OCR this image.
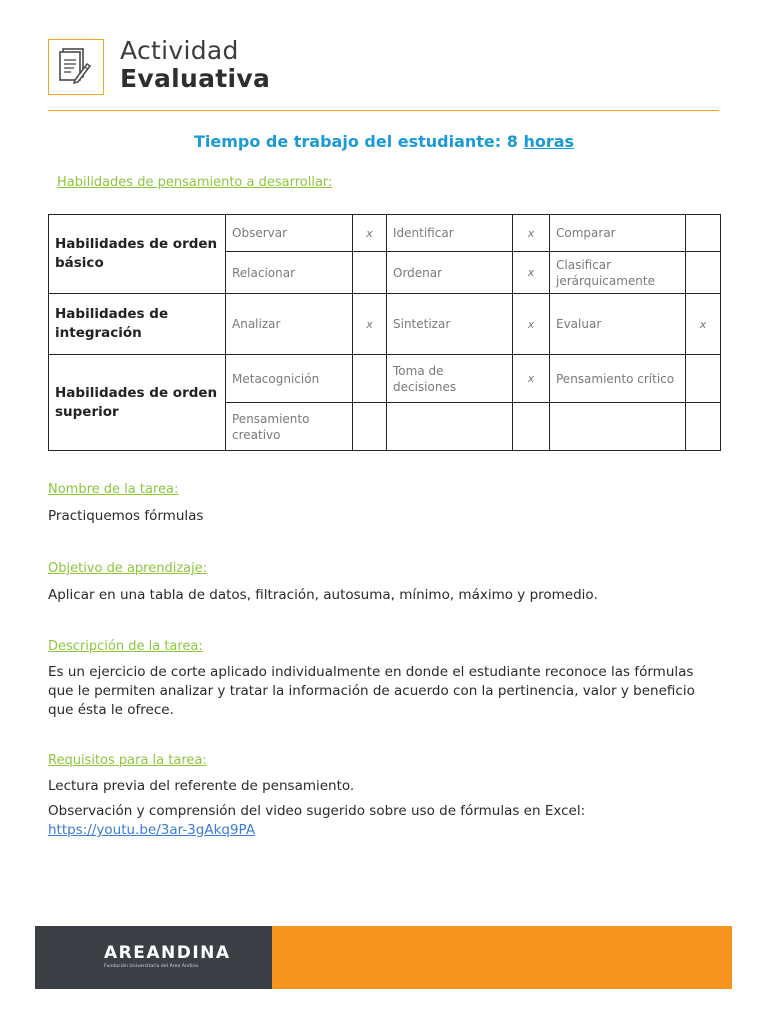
Actividad
Evaluativa
Tiempo de trabajo del estudiante: 8 horas
Habilidades de pensamiento a desarrollar:
Habilidades de orden básico	Observar	x	Identificar	x	Comparar	
	Relacionar		Ordenar	x	Clasificar jerárquicamente	
Habilidades de integración	Analizar	x	Sintetizar	x	Evaluar	x
Habilidades de orden superior	Metacognición		Toma de decisiones	x	Pensamiento crítico	
	Pensamiento creativo					
Nombre de la tarea:
Practiquemos fórmulas
Objetivo de aprendizaje:
Aplicar en una tabla de datos, filtración, autosuma, mínimo, máximo y promedio.
Descripción de la tarea:
Es un ejercicio de corte aplicado individualmente en donde el estudiante reconoce las fórmulas que le permiten analizar y tratar la información de acuerdo con la pertinencia, valor y beneficio que ésta le ofrece.
Requisitos para la tarea:
Lectura previa del referente de pensamiento.
Observación y comprensión del video sugerido sobre uso de fórmulas en Excel: https://youtu.be/3ar-3gAkq9PA
AREANDINA
Fundación Universitaria del Área Andina
